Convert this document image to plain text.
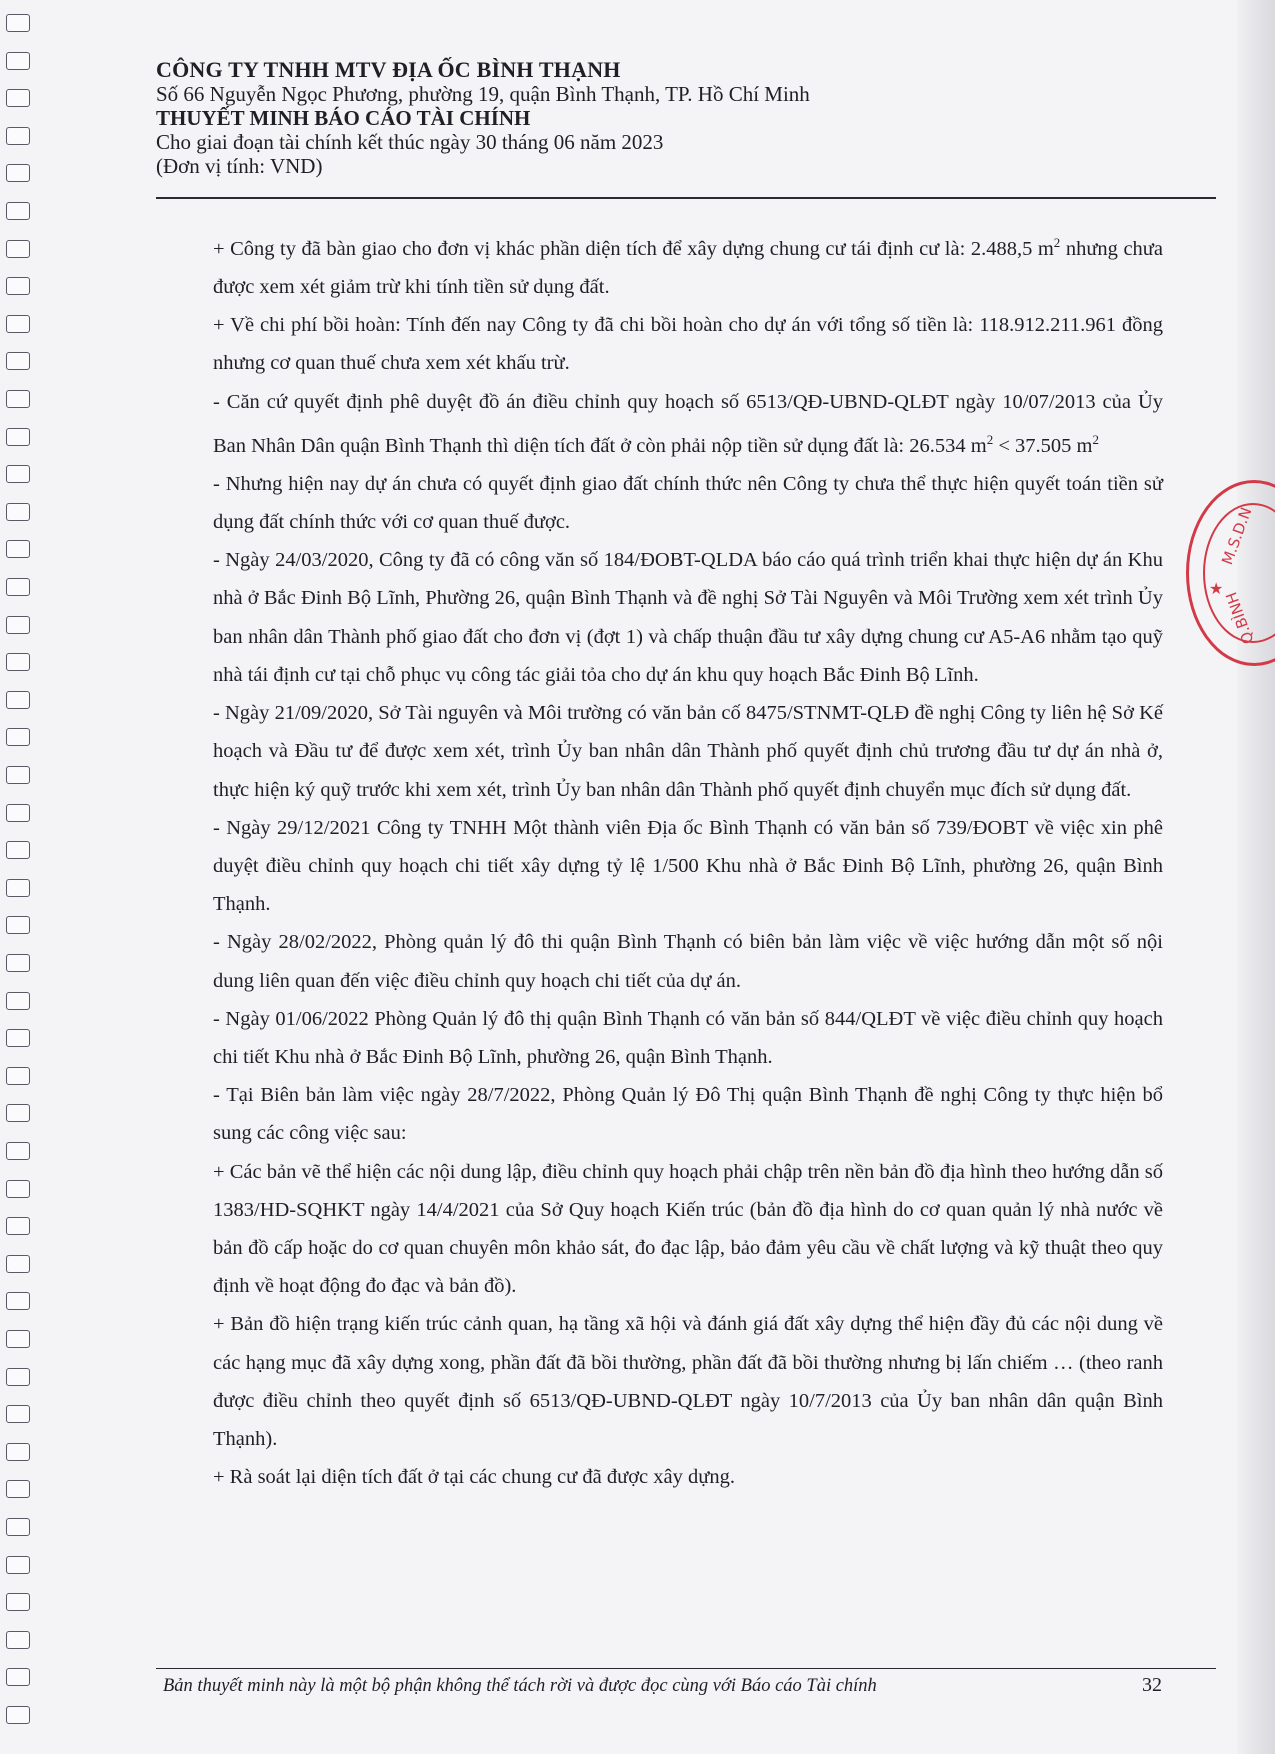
CÔNG TY TNHH MTV ĐỊA ỐC BÌNH THẠNH
Số 66 Nguyễn Ngọc Phương, phường 19, quận Bình Thạnh, TP. Hồ Chí Minh
THUYẾT MINH BÁO CÁO TÀI CHÍNH
Cho giai đoạn tài chính kết thúc ngày 30 tháng 06 năm 2023
(Đơn vị tính: VND)

+ Công ty đã bàn giao cho đơn vị khác phần diện tích để xây dựng chung cư tái định cư là: 2.488,5 $m^2$ nhưng chưa được xem xét giảm trừ khi tính tiền sử dụng đất.

+ Về chi phí bồi hoàn: Tính đến nay Công ty đã chi bồi hoàn cho dự án với tổng số tiền là: 118.912.211.961 đồng nhưng cơ quan thuế chưa xem xét khấu trừ.

- Căn cứ quyết định phê duyệt đồ án điều chỉnh quy hoạch số 6513/QĐ-UBND-QLĐT ngày 10/07/2013 của Ủy Ban Nhân Dân quận Bình Thạnh thì diện tích đất ở còn phải nộp tiền sử dụng đất là: 26.534 $m^2 < 37.505$ $m^2$

- Nhưng hiện nay dự án chưa có quyết định giao đất chính thức nên Công ty chưa thể thực hiện quyết toán tiền sử dụng đất chính thức với cơ quan thuế được.

- Ngày 24/03/2020, Công ty đã có công văn số 184/ĐOBT-QLDA báo cáo quá trình triển khai thực hiện dự án Khu nhà ở Bắc Đinh Bộ Lĩnh, Phường 26, quận Bình Thạnh và đề nghị Sở Tài Nguyên và Môi Trường xem xét trình Ủy ban nhân dân Thành phố giao đất cho đơn vị (đợt 1) và chấp thuận đầu tư xây dựng chung cư A5-A6 nhằm tạo quỹ nhà tái định cư tại chỗ phục vụ công tác giải tỏa cho dự án khu quy hoạch Bắc Đinh Bộ Lĩnh.

- Ngày 21/09/2020, Sở Tài nguyên và Môi trường có văn bản cố 8475/STNMT-QLĐ đề nghị Công ty liên hệ Sở Kế hoạch và Đầu tư để được xem xét, trình Ủy ban nhân dân Thành phố quyết định chủ trương đầu tư dự án nhà ở, thực hiện ký quỹ trước khi xem xét, trình Ủy ban nhân dân Thành phố quyết định chuyển mục đích sử dụng đất.

- Ngày 29/12/2021 Công ty TNHH Một thành viên Địa ốc Bình Thạnh có văn bản số 739/ĐOBT về việc xin phê duyệt điều chỉnh quy hoạch chi tiết xây dựng tỷ lệ 1/500 Khu nhà ở Bắc Đinh Bộ Lĩnh, phường 26, quận Bình Thạnh.

- Ngày 28/02/2022, Phòng quản lý đô thi quận Bình Thạnh có biên bản làm việc về việc hướng dẫn một số nội dung liên quan đến việc điều chỉnh quy hoạch chi tiết của dự án.

- Ngày 01/06/2022 Phòng Quản lý đô thị quận Bình Thạnh có văn bản số 844/QLĐT về việc điều chỉnh quy hoạch chi tiết Khu nhà ở Bắc Đinh Bộ Lĩnh, phường 26, quận Bình Thạnh.

- Tại Biên bản làm việc ngày 28/7/2022, Phòng Quản lý Đô Thị quận Bình Thạnh đề nghị Công ty thực hiện bổ sung các công việc sau:

+ Các bản vẽ thể hiện các nội dung lập, điều chỉnh quy hoạch phải chập trên nền bản đồ địa hình theo hướng dẫn số 1383/HD-SQHKT ngày 14/4/2021 của Sở Quy hoạch Kiến trúc (bản đồ địa hình do cơ quan quản lý nhà nước về bản đồ cấp hoặc do cơ quan chuyên môn khảo sát, đo đạc lập, bảo đảm yêu cầu về chất lượng và kỹ thuật theo quy định về hoạt động đo đạc và bản đồ).

+ Bản đồ hiện trạng kiến trúc cảnh quan, hạ tầng xã hội và đánh giá đất xây dựng thể hiện đầy đủ các nội dung về các hạng mục đã xây dựng xong, phần đất đã bồi thường, phần đất đã bồi thường nhưng bị lấn chiếm … (theo ranh được điều chỉnh theo quyết định số 6513/QĐ-UBND-QLĐT ngày 10/7/2013 của Ủy ban nhân dân quận Bình Thạnh).

+ Rà soát lại diện tích đất ở tại các chung cư đã được xây dựng.

M.S.D.N
★
Q.BÌNH
Bản thuyết minh này là một bộ phận không thể tách rời và được đọc cùng với Báo cáo Tài chính	32
